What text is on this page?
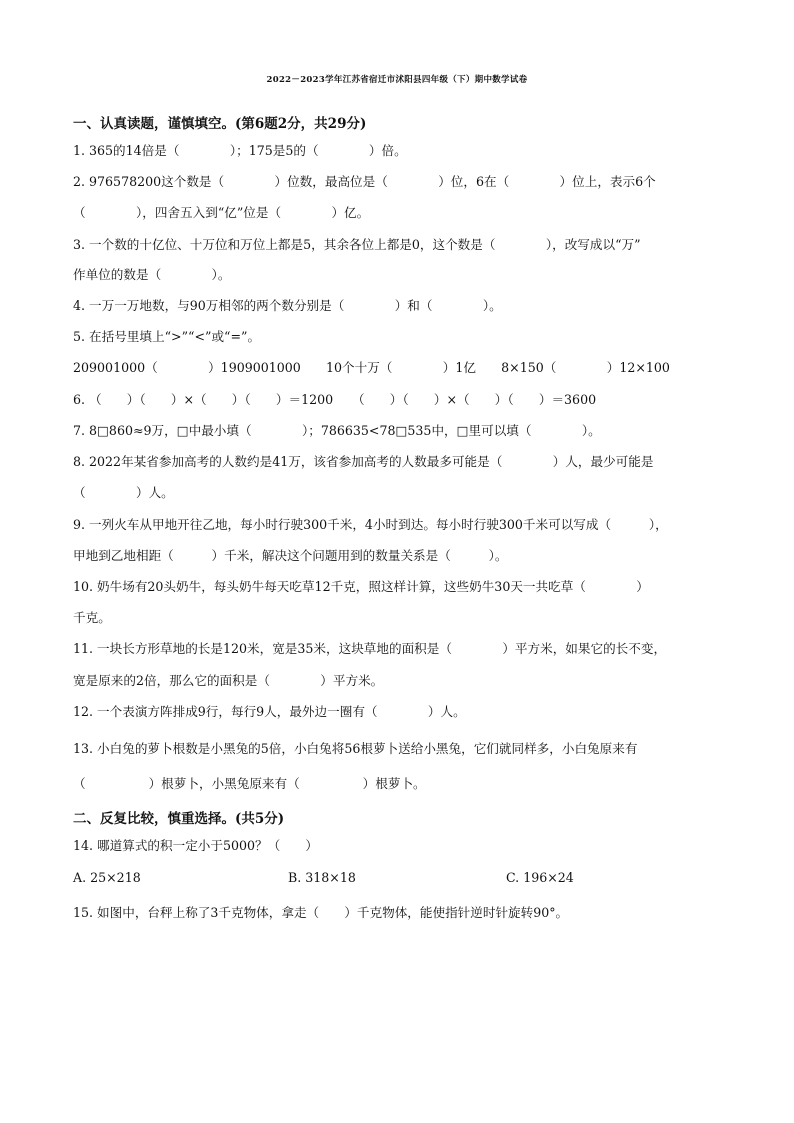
2022－2023学年江苏省宿迁市沭阳县四年级（下）期中数学试卷
一、认真读题，谨慎填空。(第6题2分，共29分)
1. 365的14倍是（　　　　）；175是5的（　　　　）倍。
2. 976578200这个数是（　　　　）位数，最高位是（　　　　）位，6在（　　　　）位上，表示6个
（　　　　），四舍五入到“亿”位是（　　　　）亿。
3. 一个数的十亿位、十万位和万位上都是5，其余各位上都是0，这个数是（　　　　），改写成以“万”
作单位的数是（　　　　）。
4. 一万一万地数，与90万相邻的两个数分别是（　　　　）和（　　　　）。
5. 在括号里填上“>”“<”或“=”。
209001000（　　　　）1909001000　　10个十万（　　　　）1亿　　8×150（　　　　）12×100
6. （　　）（　　）×（　　）（　　）＝1200　　（　　）（　　）×（　　）（　　）＝3600
7. 8□860≈9万，□中最小填（　　　　）；786635<78□535中，□里可以填（　　　　）。
8. 2022年某省参加高考的人数约是41万，该省参加高考的人数最多可能是（　　　　）人，最少可能是
（　　　　）人。
9. 一列火车从甲地开往乙地，每小时行驶300千米，4小时到达。每小时行驶300千米可以写成（　　　），
甲地到乙地相距（　　　）千米，解决这个问题用到的数量关系是（　　　）。
10. 奶牛场有20头奶牛，每头奶牛每天吃草12千克，照这样计算，这些奶牛30天一共吃草（　　　　）
千克。
11. 一块长方形草地的长是120米，宽是35米，这块草地的面积是（　　　　）平方米，如果它的长不变，
宽是原来的2倍，那么它的面积是（　　　　）平方米。
12. 一个表演方阵排成9行，每行9人，最外边一圈有（　　　　）人。
13. 小白兔的萝卜根数是小黑兔的5倍，小白兔将56根萝卜送给小黑兔，它们就同样多，小白兔原来有
（　　　　　）根萝卜，小黑兔原来有（　　　　　）根萝卜。
二、反复比较，慎重选择。(共5分)
14. 哪道算式的积一定小于5000？（　　）
A. 25×218	B. 318×18	C. 196×24
15. 如图中，台秤上称了3千克物体，拿走（　　）千克物体，能使指针逆时针旋转90°。
